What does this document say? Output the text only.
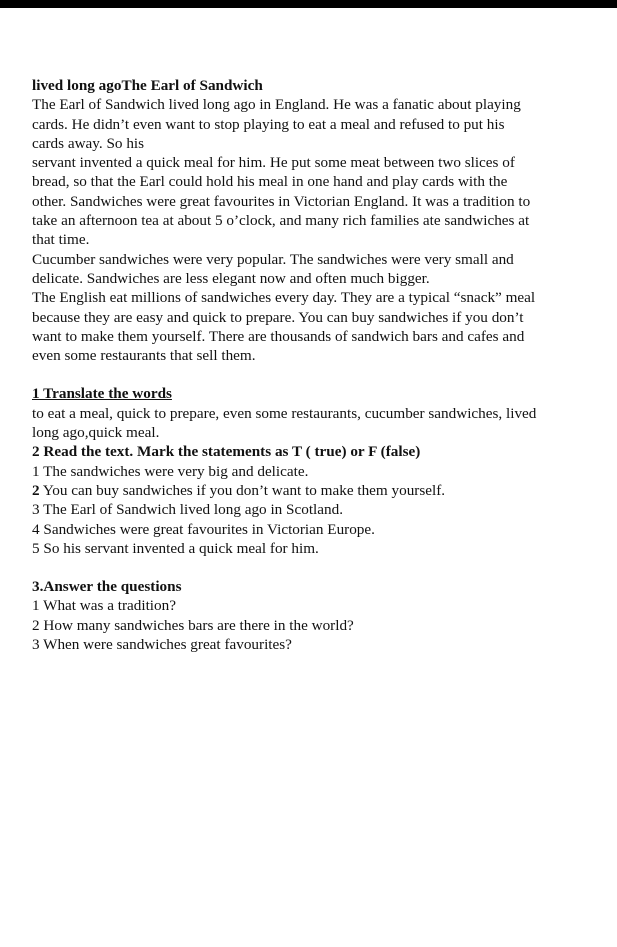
lived long agoThe Earl of Sandwich
The Earl of Sandwich lived long ago in England. He was a fanatic about playing
cards. He didn’t even want to stop playing to eat a meal and refused to put his
cards away. So his
servant invented a quick meal for him. He put some meat between two slices of
bread, so that the Earl could hold his meal in one hand and play cards with the
other. Sandwiches were great favourites in Victorian England. It was a tradition to
take an afternoon tea at about 5 o’clock, and many rich families ate sandwiches at
that time.
Cucumber sandwiches were very popular. The sandwiches were very small and
delicate. Sandwiches are less elegant now and often much bigger.
The English eat millions of sandwiches every day. They are a typical “snack” meal
because they are easy and quick to prepare. You can buy sandwiches if you don’t
want to make them yourself. There are thousands of sandwich bars and cafes and
even some restaurants that sell them.
1 Translate the words
to eat a meal, quick to prepare, even some restaurants, cucumber sandwiches, lived
long ago,quick meal.
2 Read the text. Mark the statements as T ( true) or F (false)
1 The sandwiches were very big and delicate.
2 You can buy sandwiches if you don’t want to make them yourself.
3 The Earl of Sandwich lived long ago in Scotland.
4 Sandwiches were great favourites in Victorian Europe.
5 So his servant invented a quick meal for him.
3.Answer the questions
1 What was a tradition?
2 How many sandwiches bars are there in the world?
3 When were sandwiches great favourites?
